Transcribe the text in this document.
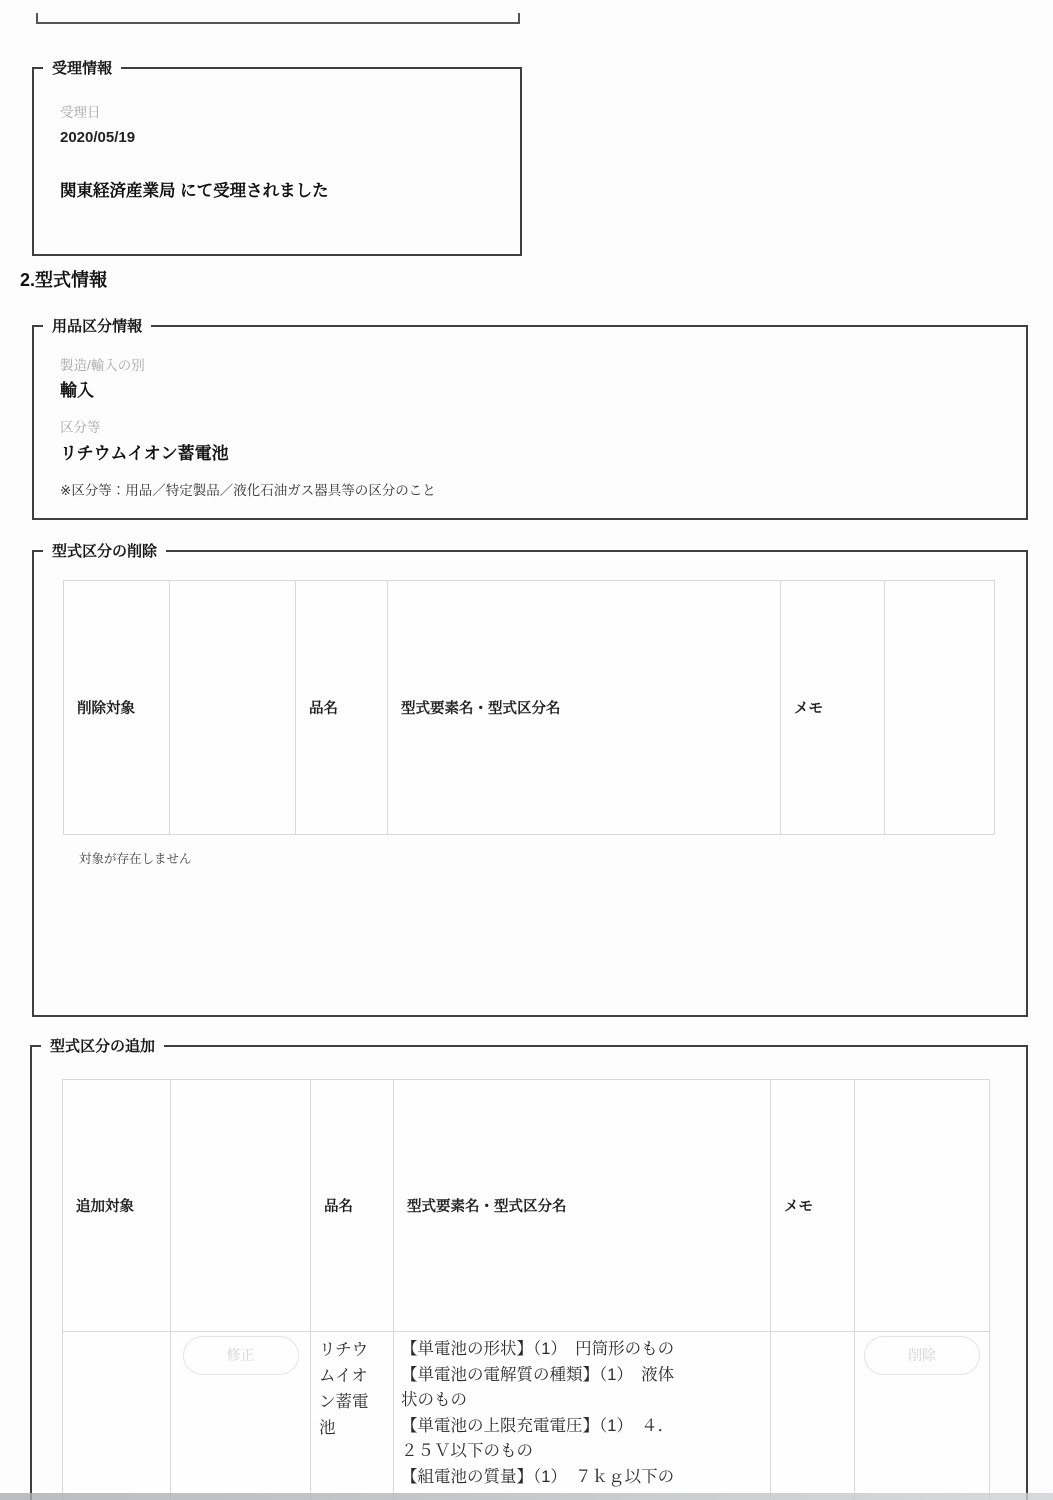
受理情報
受理日
2020/05/19
関東経済産業局 にて受理されました
2.型式情報
用品区分情報
製造/輸入の別
輸入
区分等
リチウムイオン蓄電池
※区分等：用品／特定製品／液化石油ガス器具等の区分のこと
型式区分の削除
削除対象		品名	型式要素名・型式区分名	メモ	
対象が存在しません
型式区分の追加
追加対象		品名	型式要素名・型式区分名	メモ	
	修正	リチウムイオン蓄電池	
【単電池の形状】（1）　円筒形のもの
【単電池の電解質の種類】（1）　液体
状のもの
【単電池の上限充電電圧】（1）　４．
２５Ｖ以下のもの
【組電池の質量】（1）　７ｋｇ以下の
		削除
